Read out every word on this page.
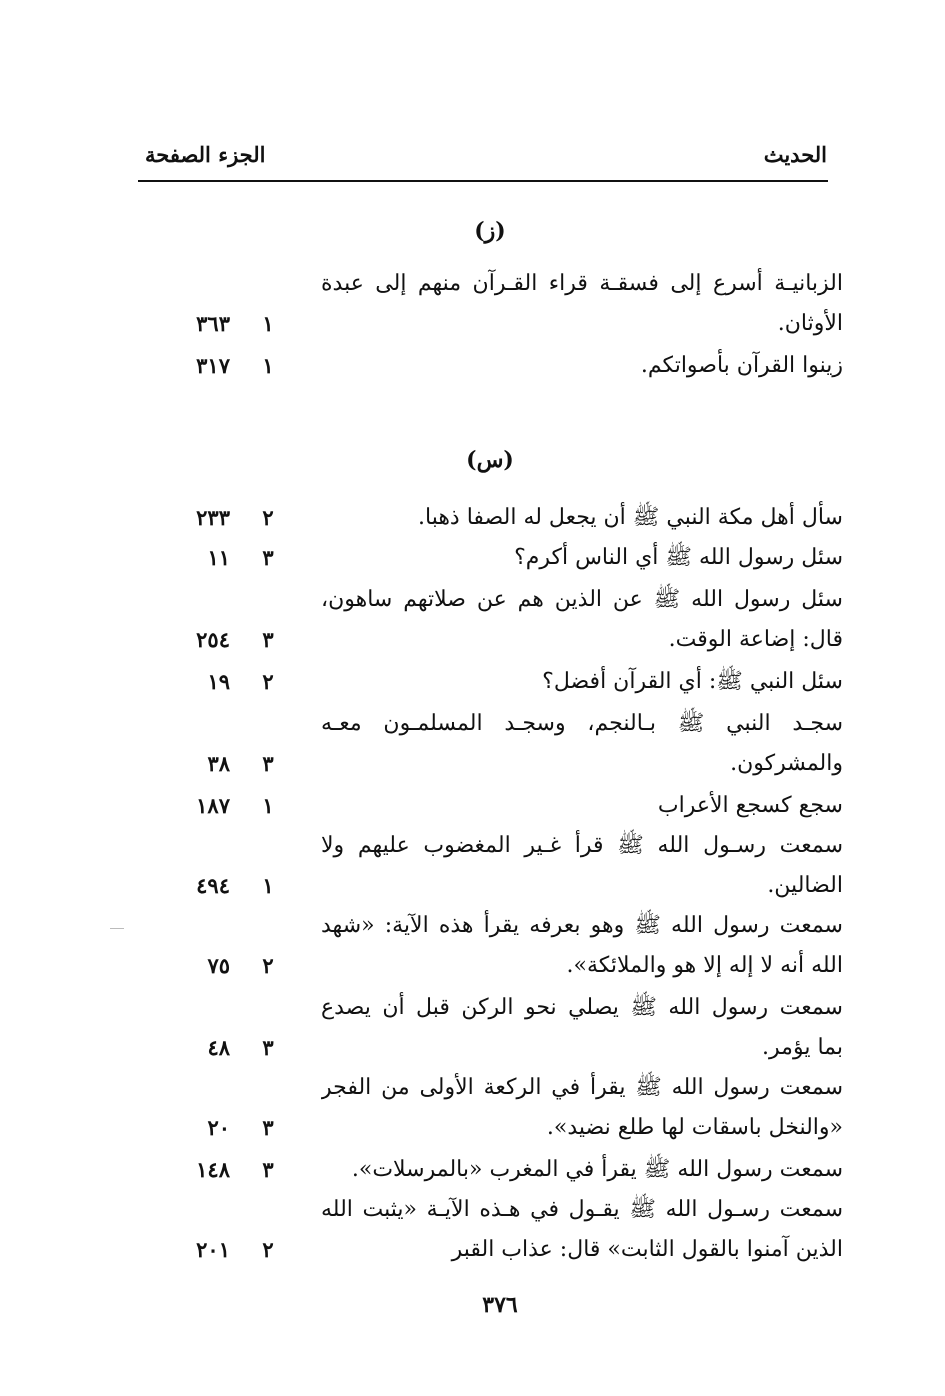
الجزء الصفحة	الحديث
(ز)
الزبانيـة أسرع إلى فسقـة قراء القـرآن منهم إلى عبدة
الأوثان.
١
٣٦٣
زينوا القرآن بأصواتكم.
١
٣١٧
(س)
سأل أهل مكة النبي ﷺ أن يجعل له الصفا ذهبا.
٢
٢٣٣
سئل رسول الله ﷺ أي الناس أكرم؟
٣
١١
سئل رسول الله ﷺ عن الذين هم عن صلاتهم ساهون،
قال: إضاعة الوقت.
٣
٢٥٤
سئل النبي ﷺ: أي القرآن أفضل؟
٢
١٩
سجـد النبي ﷺ بـالنجم، وسجـد المسلمـون معـه
والمشركون.
٣
٣٨
سجع كسجع الأعراب
١
١٨٧
سمعت رسـول الله ﷺ قرأ غـير المغضوب عليهم ولا
الضالين.
١
٤٩٤
سمعت رسول الله ﷺ وهو بعرفه يقرأ هذه الآية: «شهد
الله أنه لا إله إلا هو والملائكة».
٢
٧٥
سمعت رسول الله ﷺ يصلي نحو الركن قبل أن يصدع
بما يؤمر.
٣
٤٨
سمعت رسول الله ﷺ يقرأ في الركعة الأولى من الفجر
«والنخل باسقات لها طلع نضيد».
٣
٢٠
سمعت رسول الله ﷺ يقرأ في المغرب «بالمرسلات».
٣
١٤٨
سمعت رسـول الله ﷺ يقـول في هـذه الآيـة «يثبت الله
الذين آمنوا بالقول الثابت» قال: عذاب القبر
٢
٢٠١
٣٧٦
